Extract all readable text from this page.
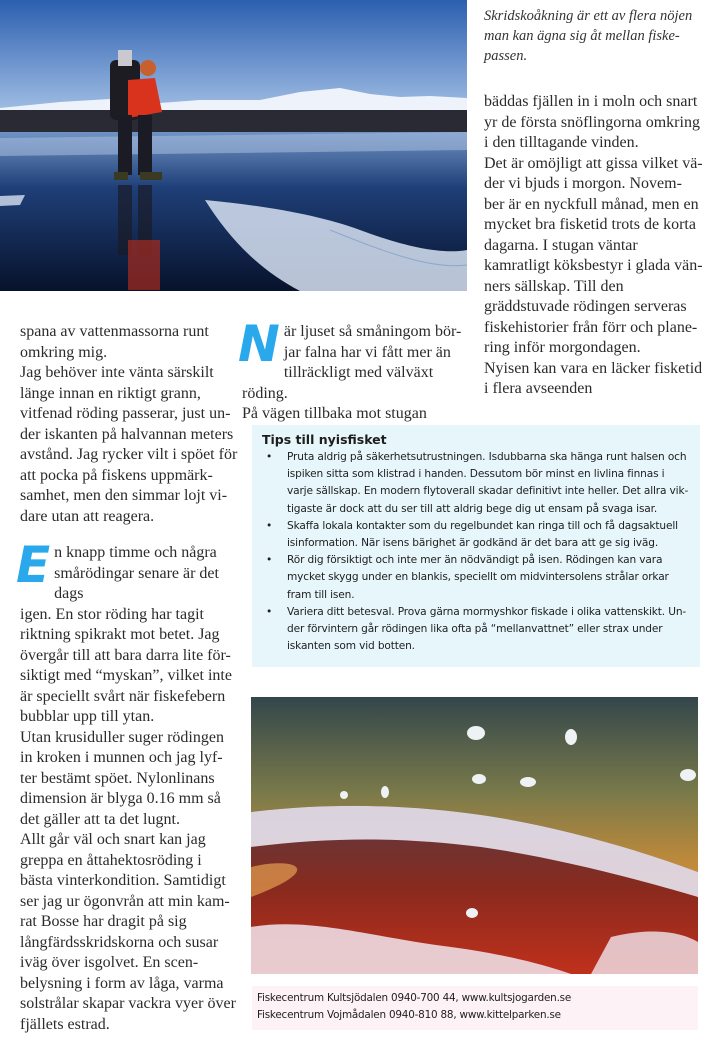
Skridskoåkning är ett av flera nöjen

man kan ägna sig åt mellan fiske-

passen.

bäddas fjällen in i moln och snart
yr de första snöflingorna omkring
i den tilltagande vinden.

Det är omöjligt att gissa vilket vä-
der vi bjuds i morgon. Novem-
ber är en nyckfull månad, men en
mycket bra fisketid trots de korta
dagarna. I stugan väntar
kamratligt köksbestyr i glada vän-
ners sällskap. Till den
gräddstuvade rödingen serveras
fiskehistorier från förr och plane-
ring inför morgondagen.

Nyisen kan vara en läcker fisketid
i flera avseenden

spana av vattenmassorna runt
omkring mig.

Jag behöver inte vänta särskilt
länge innan en riktigt grann,
vitfenad röding passerar, just un-
der iskanten på halvannan meters
avstånd. Jag rycker vilt i spöet för
att pocka på fiskens uppmärk-
samhet, men den simmar lojt vi-
dare utan att reagera.

E n knapp timme och några
smårödingar senare är det dags
igen. En stor röding har tagit
riktning spikrakt mot betet. Jag
övergår till att bara darra lite för-
siktigt med “myskan”, vilket inte
är speciellt svårt när fiskefebern
bubblar upp till ytan.

Utan krusiduller suger rödingen
in kroken i munnen och jag lyf-
ter bestämt spöet. Nylonlinans
dimension är blyga 0.16 mm så
det gäller att ta det lugnt.

Allt går väl och snart kan jag
greppa en åttahektosröding i
bästa vinterkondition. Samtidigt
ser jag ur ögonvrån att min kam-
rat Bosse har dragit på sig
långfärdsskridskorna och susar
iväg över isgolvet. En scen-
belysning i form av låga, varma
solstrålar skapar vackra vyer över
fjällets estrad.

N är ljuset så småningom bör-
jar falna har vi fått mer än
tillräckligt med välväxt röding.
På vägen tillbaka mot stugan

Tips till nyisfisket
• Pruta aldrig på säkerhetsutrustningen. Isdubbarna ska hänga runt halsen och
ispiken sitta som klistrad i handen. Dessutom bör minst en livlina finnas i
varje sällskap. En modern flytoverall skadar definitivt inte heller. Det allra vik-
tigaste är dock att du ser till att aldrig bege dig ut ensam på svaga isar.
• Skaffa lokala kontakter som du regelbundet kan ringa till och få dagsaktuell
isinformation. När isens bärighet är godkänd är det bara att ge sig iväg.
• Rör dig försiktigt och inte mer än nödvändigt på isen. Rödingen kan vara
mycket skygg under en blankis, speciellt om midvintersolens strålar orkar
fram till isen.
• Variera ditt betesval. Prova gärna mormyshkor fiskade i olika vattenskikt. Un-
der förvintern går rödingen lika ofta på “mellanvattnet” eller strax under
iskanten som vid botten.

Fiskecentrum Kultsjödalen 0940-700 44, www.kultsjogarden.se

Fiskecentrum Vojmådalen 0940-810 88, www.kittelparken.se
